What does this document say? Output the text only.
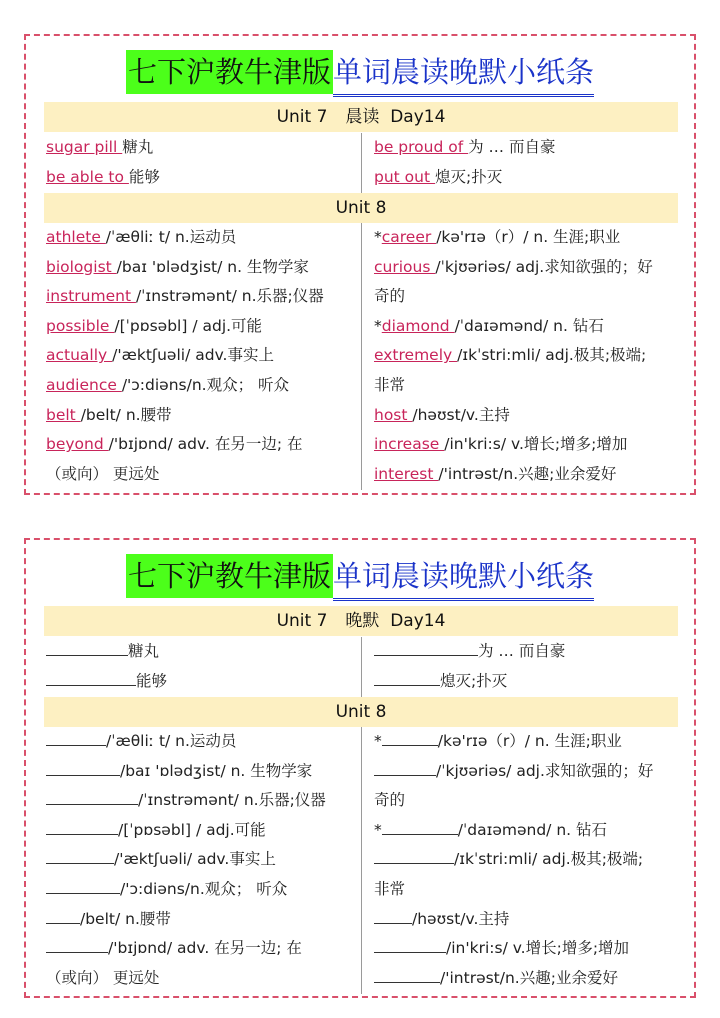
七下沪教牛津版单词晨读晚默小纸条
Unit 7 晨读 Day14
sugar pill 糖丸
be able to 能够
be proud of 为 … 而自豪
put out 熄灭;扑灭
Unit 8
athlete /ˈæθliː t/ n.运动员
biologist /baɪ 'ɒlədʒist/ n. 生物学家
instrument /ˈɪnstrəmənt/ n.乐器;仪器
possible /[ˈpɒsəbl] / adj.可能
actually /'æktʃuəli/ adv.事实上
audience /'ɔ:diəns/n.观众； 听众
belt /belt/ n.腰带
beyond /'bɪjɒnd/ adv. 在另一边; 在
（或向） 更远处
*career /kə'rɪə（r）/ n. 生涯;职业
curious /ˈkjʊəriəs/ adj.求知欲强的；好
奇的
*diamond /ˈdaɪəmənd/ n. 钻石
extremely /ɪkˈstri:mli/ adj.极其;极端;
非常
host /həʊst/v.主持
increase /in'kri:s/ v.增长;增多;增加
interest /'intrəst/n.兴趣;业余爱好
七下沪教牛津版单词晨读晚默小纸条
Unit 7 晚默 Day14
糖丸
能够
为 … 而自豪
熄灭;扑灭
Unit 8
/ˈæθliː t/ n.运动员
/baɪ 'ɒlədʒist/ n. 生物学家
/ˈɪnstrəmənt/ n.乐器;仪器
/[ˈpɒsəbl] / adj.可能
/'æktʃuəli/ adv.事实上
/'ɔ:diəns/n.观众； 听众
/belt/ n.腰带
/'bɪjɒnd/ adv. 在另一边; 在
（或向） 更远处
*	/kə'rɪə（r）/ n. 生涯;职业
/ˈkjʊəriəs/ adj.求知欲强的；好
奇的
*	/ˈdaɪəmənd/ n. 钻石
/ɪkˈstri:mli/ adj.极其;极端;
非常
/həʊst/v.主持
/in'kri:s/ v.增长;增多;增加
/'intrəst/n.兴趣;业余爱好
